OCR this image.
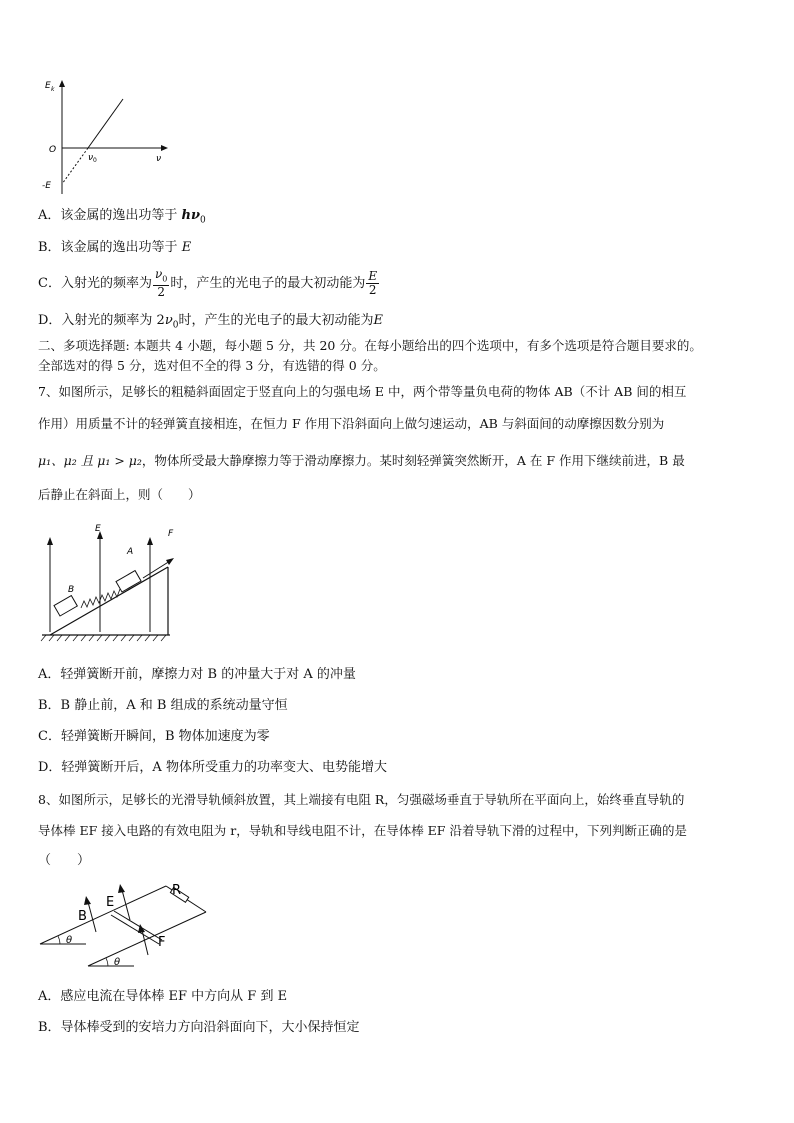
E k
O
ν
ν 0
-E
A．该金属的逸出功等于 $h\nu_0$
B．该金属的逸出功等于 E
C．入射光的频率为 $\frac{\nu_0}{2}$ 时，产生的光电子的最大初动能为 $\frac{E}{2}$
D．入射光的频率为 $2\nu_0$时，产生的光电子的最大初动能为E
二、多项选择题: 本题共 4 小题，每小题 5 分，共 20 分。在每小题给出的四个选项中，有多个选项是符合题目要求的。
全部选对的得 5 分，选对但不全的得 3 分，有选错的得 0 分。
7、如图所示，足够长的粗糙斜面固定于竖直向上的匀强电场 E 中，两个带等量负电荷的物体 AB（不计 AB 间的相互
作用）用质量不计的轻弹簧直接相连，在恒力 F 作用下沿斜面向上做匀速运动，AB 与斜面间的动摩擦因数分别为
μ₁、μ₂ 且 μ₁ > μ₂，物体所受最大静摩擦力等于滑动摩擦力。某时刻轻弹簧突然断开，A 在 F 作用下继续前进，B 最
后静止在斜面上，则（　　）
E	F
A
B
A．轻弹簧断开前，摩擦力对 B 的冲量大于对 A 的冲量
B．B 静止前，A 和 B 组成的系统动量守恒
C．轻弹簧断开瞬间，B 物体加速度为零
D．轻弹簧断开后，A 物体所受重力的功率变大、电势能增大
8、如图所示，足够长的光滑导轨倾斜放置，其上端接有电阻 R，匀强磁场垂直于导轨所在平面向上，始终垂直导轨的
导体棒 EF 接入电路的有效电阻为 r，导轨和导线电阻不计，在导体棒 EF 沿着导轨下滑的过程中，下列判断正确的是
（　　）
R
B
E
F
θ
θ
A．感应电流在导体棒 EF 中方向从 F 到 E
B．导体棒受到的安培力方向沿斜面向下，大小保持恒定
